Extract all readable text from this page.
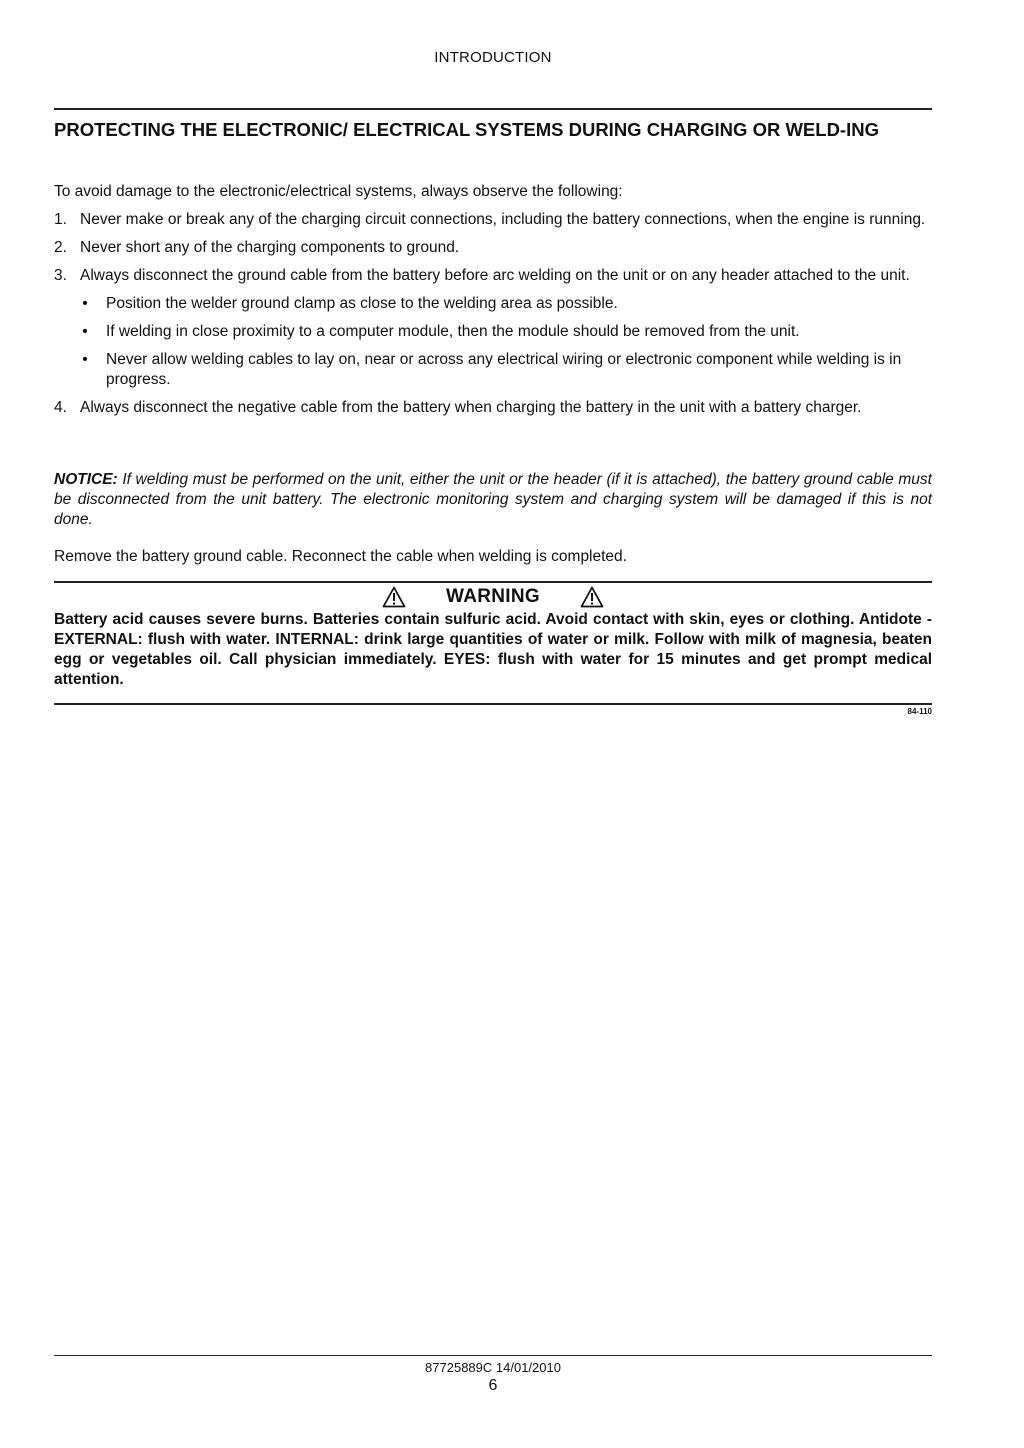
INTRODUCTION
PROTECTING THE ELECTRONIC/ ELECTRICAL SYSTEMS DURING CHARGING OR WELD-ING

To avoid damage to the electronic/electrical systems, always observe the following:

1. Never make or break any of the charging circuit connections, including the battery connections, when the engine is running.
2. Never short any of the charging components to ground.
3. Always disconnect the ground cable from the battery before arc welding on the unit or on any header attached to the unit.
• Position the welder ground clamp as close to the welding area as possible.
• If welding in close proximity to a computer module, then the module should be removed from the unit.
• Never allow welding cables to lay on, near or across any electrical wiring or electronic component while welding is in progress.
4. Always disconnect the negative cable from the battery when charging the battery in the unit with a battery charger.

NOTICE: If welding must be performed on the unit, either the unit or the header (if it is attached), the battery ground cable must be disconnected from the unit battery. The electronic monitoring system and charging system will be damaged if this is not done.

Remove the battery ground cable. Reconnect the cable when welding is completed.

WARNING

Battery acid causes severe burns. Batteries contain sulfuric acid. Avoid contact with skin, eyes or clothing. Antidote - EXTERNAL: flush with water. INTERNAL: drink large quantities of water or milk. Follow with milk of magnesia, beaten egg or vegetables oil. Call physician immediately. EYES: flush with water for 15 minutes and get prompt medical attention.

84-110
87725889C 14/01/2010
6
